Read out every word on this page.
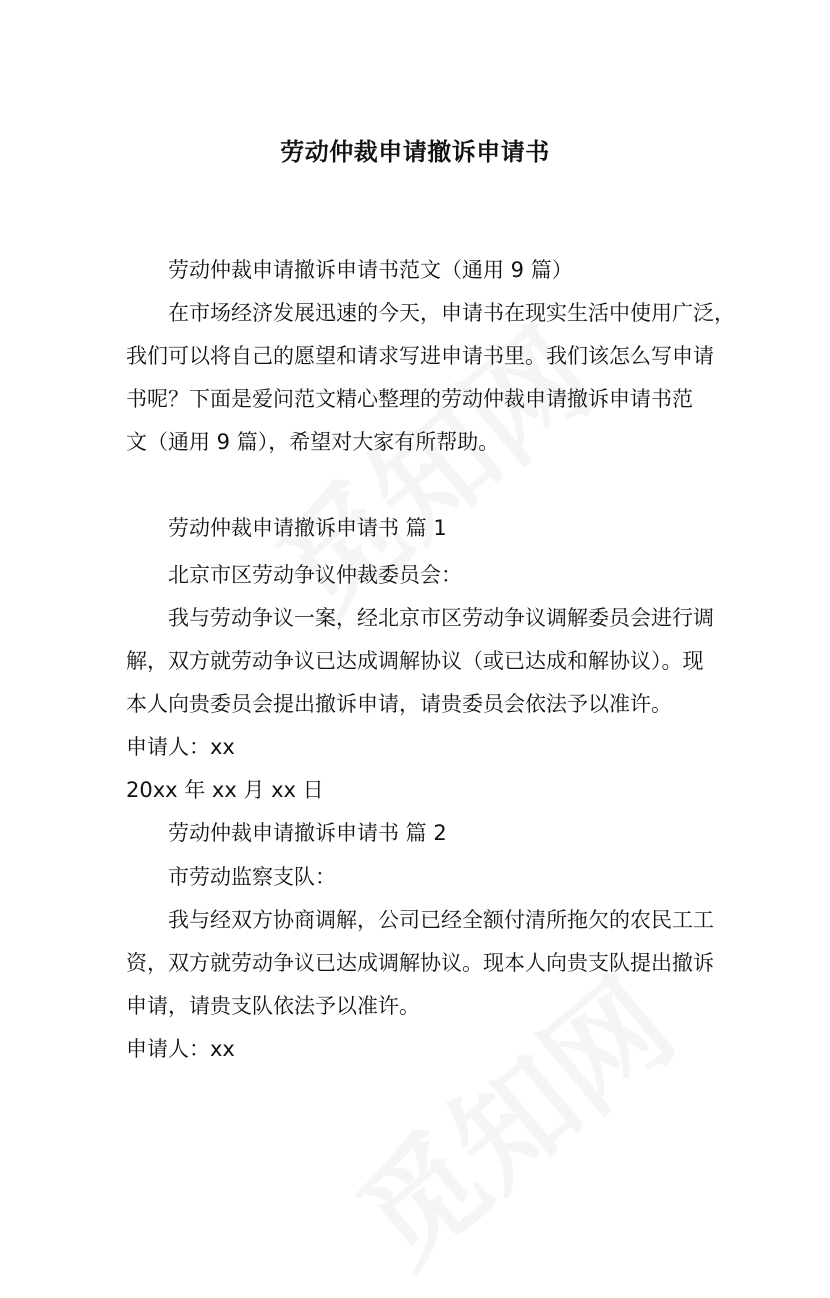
劳动仲裁申请撤诉申请书
劳动仲裁申请撤诉申请书范文（通用 9 篇）
在市场经济发展迅速的今天，申请书在现实生活中使用广泛，
我们可以将自己的愿望和请求写进申请书里。我们该怎么写申请
书呢？下面是爱问范文精心整理的劳动仲裁申请撤诉申请书范
文（通用 9 篇），希望对大家有所帮助。
劳动仲裁申请撤诉申请书 篇 1
北京市区劳动争议仲裁委员会：
我与劳动争议一案，经北京市区劳动争议调解委员会进行调
解，双方就劳动争议已达成调解协议（或已达成和解协议）。现
本人向贵委员会提出撤诉申请，请贵委员会依法予以准许。
申请人：xx
20xx 年 xx 月 xx 日
劳动仲裁申请撤诉申请书 篇 2
市劳动监察支队：
我与经双方协商调解，公司已经全额付清所拖欠的农民工工
资，双方就劳动争议已达成调解协议。现本人向贵支队提出撤诉
申请，请贵支队依法予以准许。
申请人：xx
